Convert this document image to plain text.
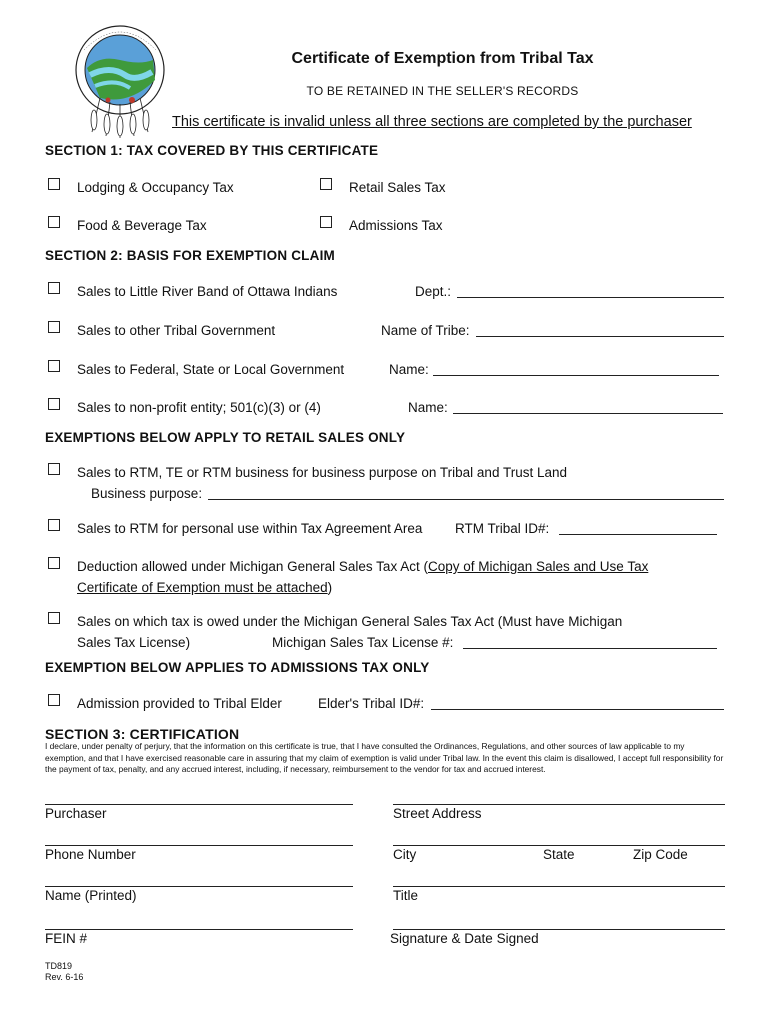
Certificate of Exemption from Tribal Tax
TO BE RETAINED IN THE SELLER'S RECORDS
This certificate is invalid unless all three sections are completed by the purchaser
SECTION 1: TAX COVERED BY THIS CERTIFICATE
Lodging & Occupancy Tax	Retail Sales Tax
Food & Beverage Tax	Admissions Tax
SECTION 2: BASIS FOR EXEMPTION CLAIM
Sales to Little River Band of Ottawa Indians	Dept.:
Sales to other Tribal Government	Name of Tribe:
Sales to Federal, State or Local Government	Name:
Sales to non-profit entity; 501(c)(3) or (4)	Name:
EXEMPTIONS BELOW APPLY TO RETAIL SALES ONLY
Sales to RTM, TE or RTM business for business purpose on Tribal and Trust Land
Business purpose:
Sales to RTM for personal use within Tax Agreement Area RTM Tribal ID#:
Deduction allowed under Michigan General Sales Tax Act (Copy of Michigan Sales and Use Tax
Certificate of Exemption must be attached)
Sales on which tax is owed under the Michigan General Sales Tax Act (Must have Michigan
Sales Tax License)	Michigan Sales Tax License #:
EXEMPTION BELOW APPLIES TO ADMISSIONS TAX ONLY
Admission provided to Tribal Elder	Elder's Tribal ID#:
SECTION 3: CERTIFICATION
I declare, under penalty of perjury, that the information on this certificate is true, that I have consulted the Ordinances, Regulations, and other sources of law applicable to my exemption, and that I have exercised reasonable care in assuring that my claim of exemption is valid under Tribal law. In the event this claim is disallowed, I accept full responsibility for the payment of tax, penalty, and any accrued interest, including, if necessary, reimbursement to the vendor for tax and accrued interest.
Purchaser	Street Address
Phone Number	City	State	Zip Code
Name (Printed)	Title
FEIN #	Signature & Date Signed
TD819
Rev. 6-16
